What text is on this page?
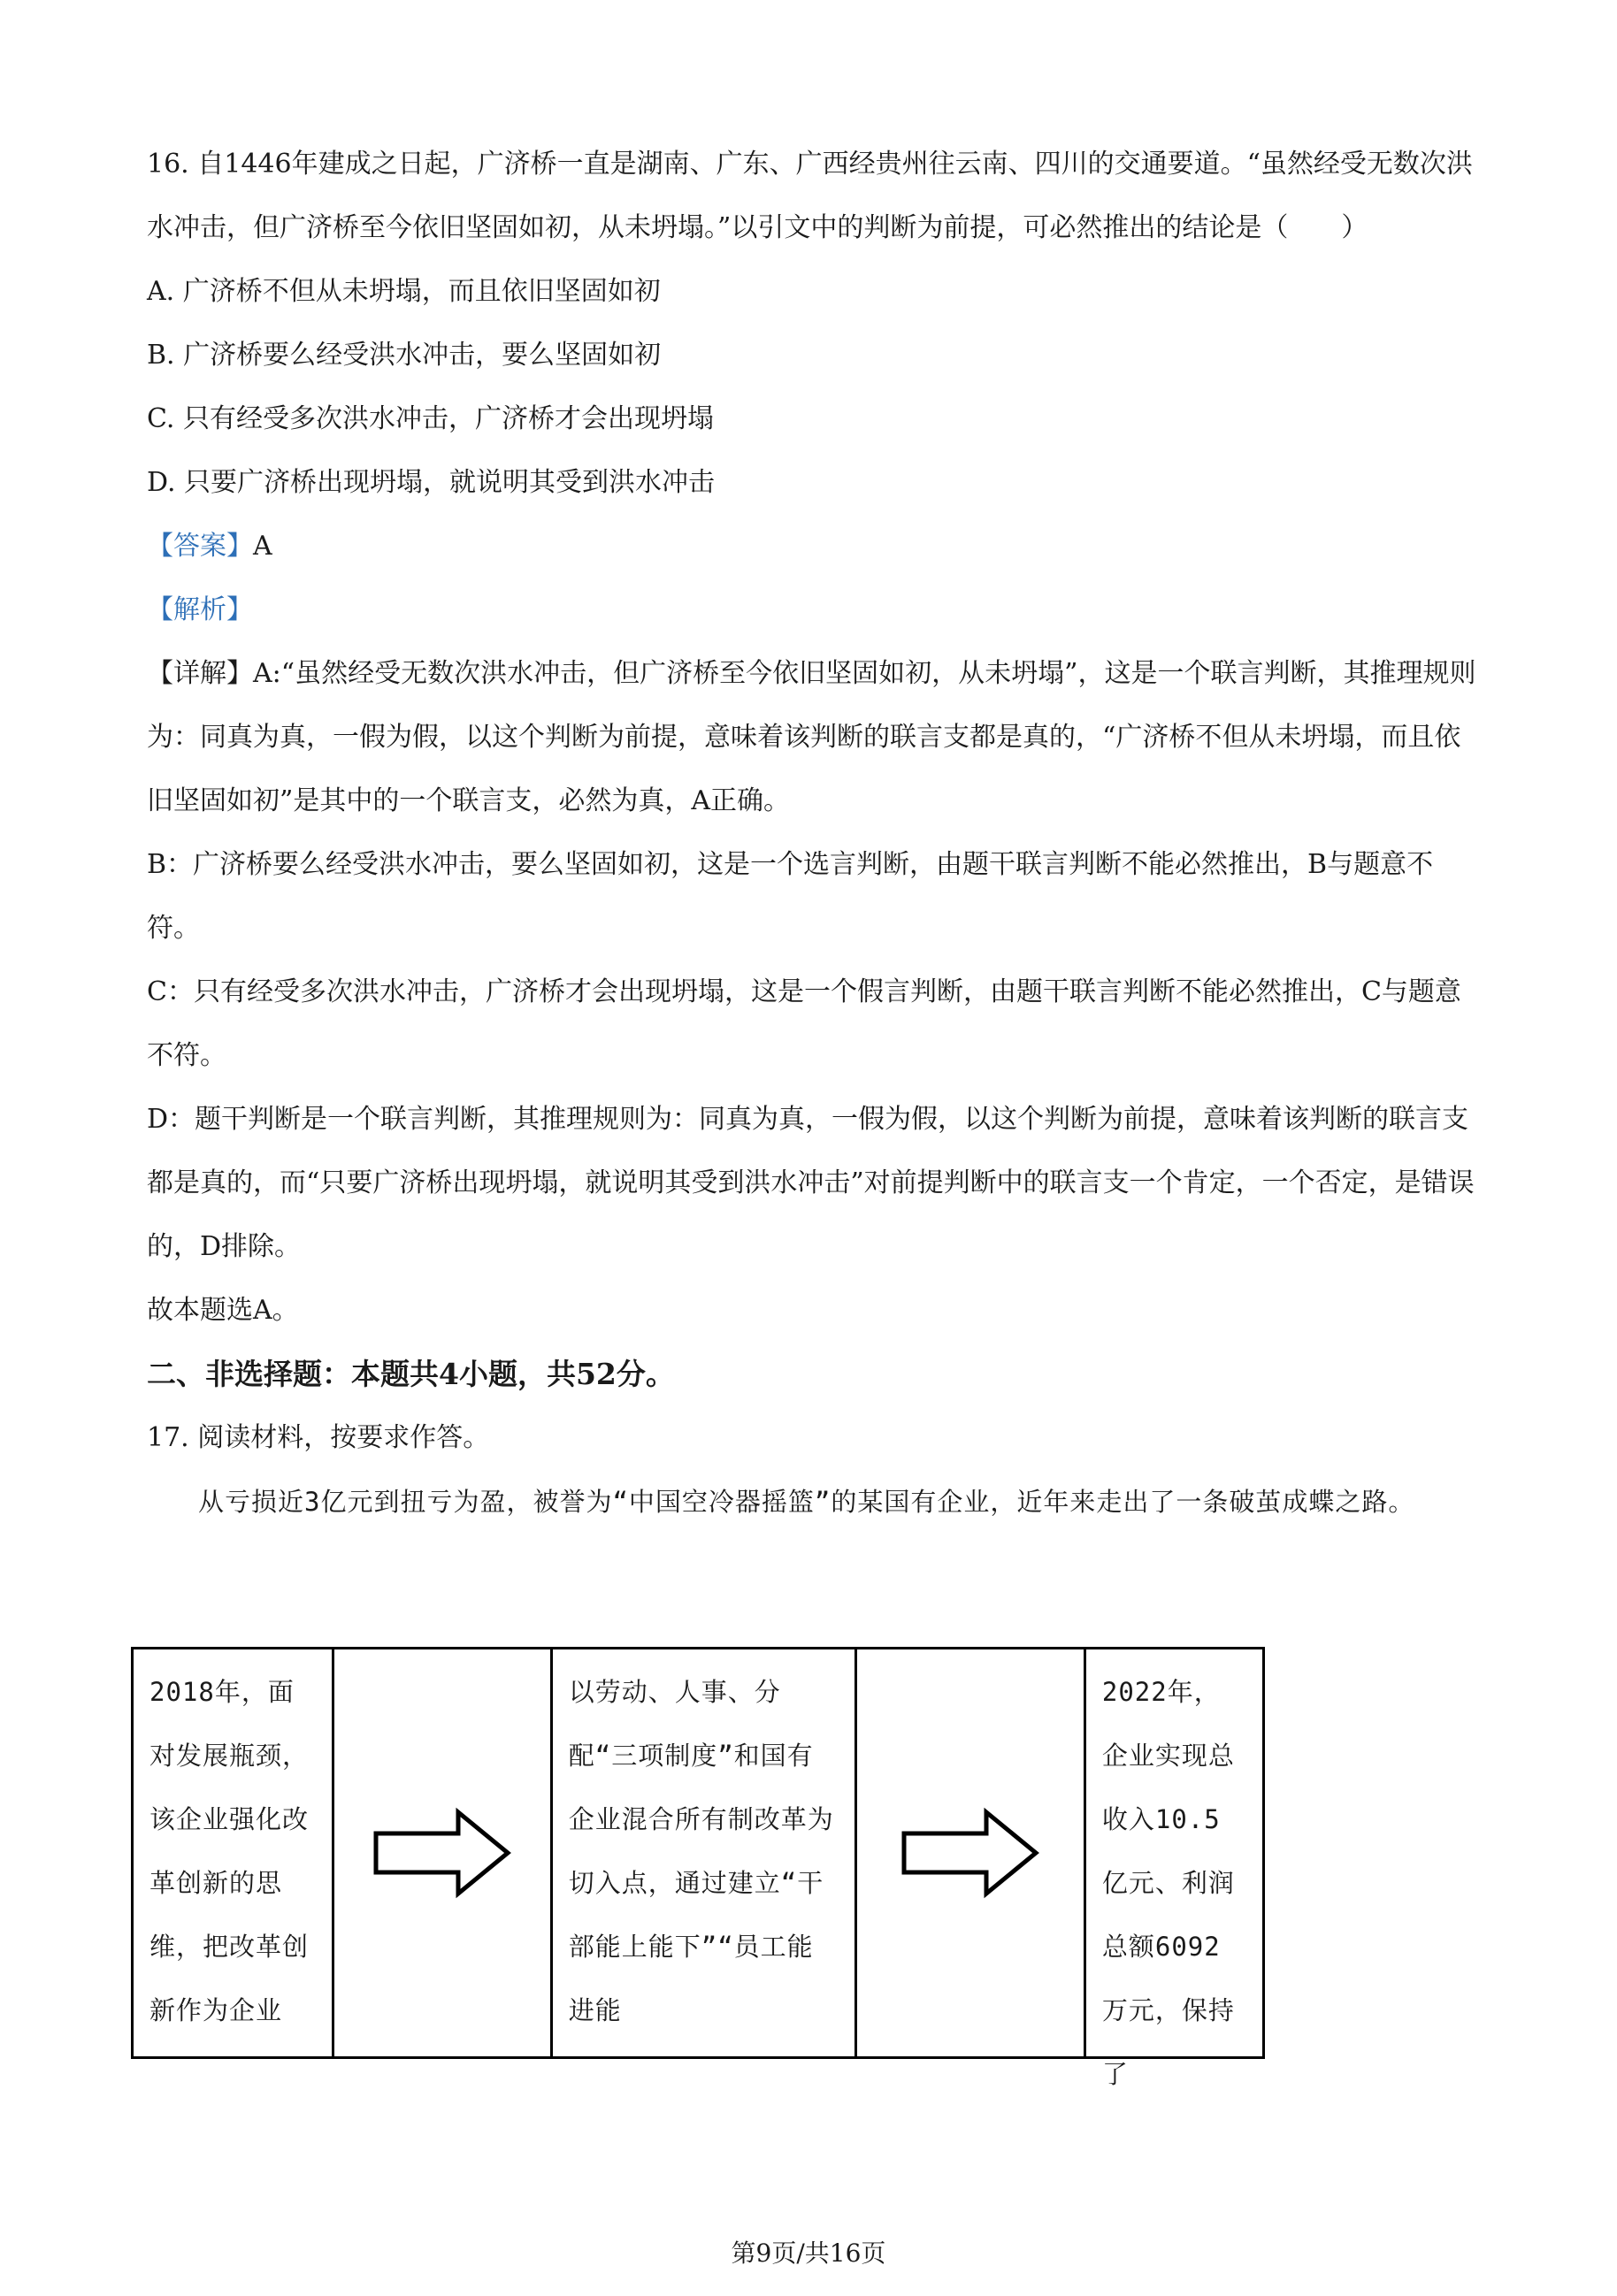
16. 自1446年建成之日起，广济桥一直是湖南、广东、广西经贵州往云南、四川的交通要道。“虽然经受无数次洪水冲击，但广济桥至今依旧坚固如初，从未坍塌。”以引文中的判断为前提，可必然推出的结论是（　　）

A. 广济桥不但从未坍塌，而且依旧坚固如初

B. 广济桥要么经受洪水冲击，要么坚固如初

C. 只有经受多次洪水冲击，广济桥才会出现坍塌

D. 只要广济桥出现坍塌，就说明其受到洪水冲击

【答案】A

【解析】

【详解】A:“虽然经受无数次洪水冲击，但广济桥至今依旧坚固如初，从未坍塌”，这是一个联言判断，其推理规则为：同真为真，一假为假，以这个判断为前提，意味着该判断的联言支都是真的，“广济桥不但从未坍塌，而且依旧坚固如初”是其中的一个联言支，必然为真，A正确。

B：广济桥要么经受洪水冲击，要么坚固如初，这是一个选言判断，由题干联言判断不能必然推出，B与题意不符。

C：只有经受多次洪水冲击，广济桥才会出现坍塌，这是一个假言判断，由题干联言判断不能必然推出，C与题意不符。

D：题干判断是一个联言判断，其推理规则为：同真为真，一假为假，以这个判断为前提，意味着该判断的联言支都是真的，而“只要广济桥出现坍塌，就说明其受到洪水冲击”对前提判断中的联言支一个肯定，一个否定，是错误的，D排除。

故本题选A。

二、非选择题：本题共4小题，共52分。

17. 阅读材料，按要求作答。

从亏损近3亿元到扭亏为盈，被誉为“中国空冷器摇篮”的某国有企业，近年来走出了一条破茧成蝶之路。

2018年，面对发展瓶颈，该企业强化改革创新的思维，把改革创新作为企业
以劳动、人事、分配“三项制度”和国有企业混合所有制改革为切入点，通过建立“干部能上能下”“员工能进能
2022年，企业实现总收入10.5亿元、利润总额6092万元，保持了
第9页/共16页
